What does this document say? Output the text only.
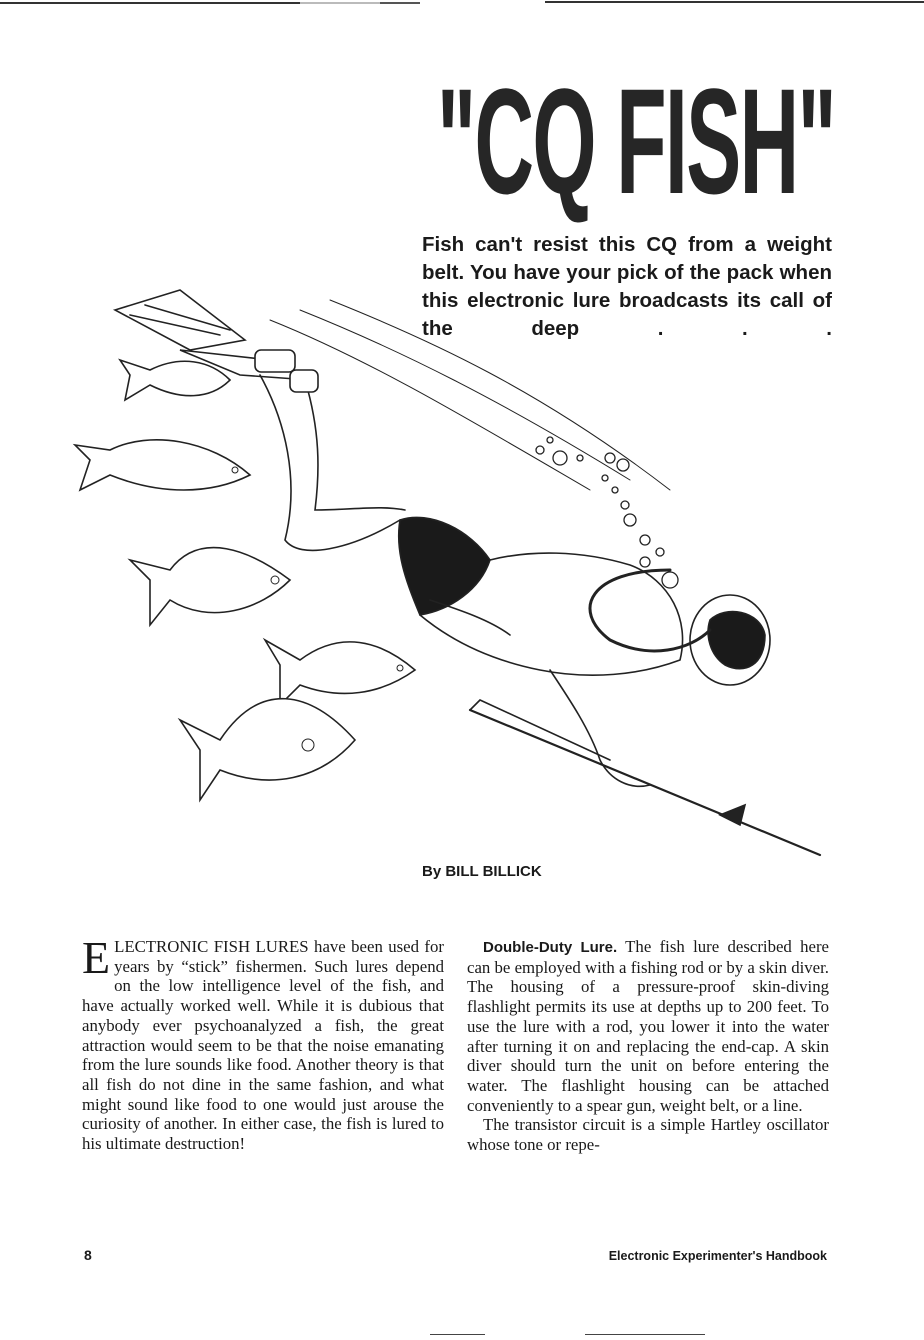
"CQ FISH"
Fish can't resist this CQ from a weight belt. You have your pick of the pack when this electronic lure broadcasts its call of the deep . . .
By BILL BILLICK
E LECTRONIC FISH LURES have been used for years by “stick” fishermen. Such lures depend on the low intelligence level of the fish, and have actually worked well. While it is dubious that anybody ever psychoanalyzed a fish, the great attraction would seem to be that the noise emanating from the lure sounds like food. Another theory is that all fish do not dine in the same fashion, and what might sound like food to one would just arouse the curiosity of another. In either case, the fish is lured to his ultimate destruction!
Double-Duty Lure. The fish lure described here can be employed with a fishing rod or by a skin diver. The housing of a pressure-proof skin-diving flashlight permits its use at depths up to 200 feet. To use the lure with a rod, you lower it into the water after turning it on and replacing the end-cap. A skin diver should turn the unit on before entering the water. The flashlight housing can be attached conveniently to a spear gun, weight belt, or a line.
The transistor circuit is a simple Hartley oscillator whose tone or repe-
8	Electronic Experimenter's Handbook
